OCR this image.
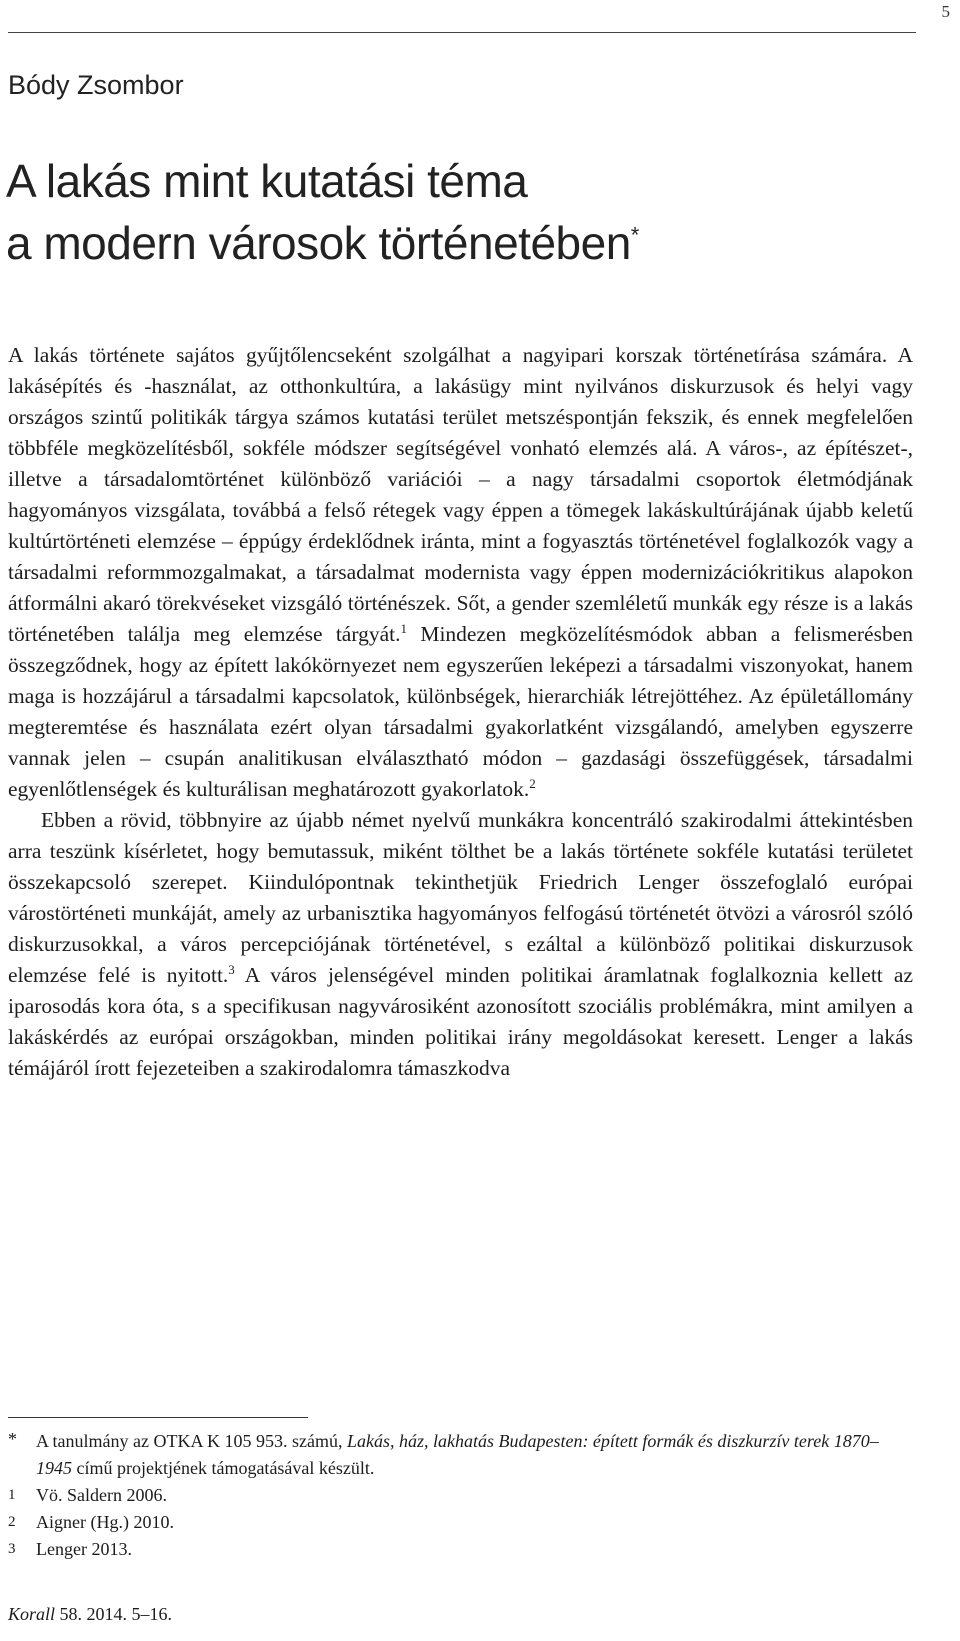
5
Bódy Zsombor
A lakás mint kutatási téma
a modern városok történetében*

A lakás története sajátos gyűjtőlencseként szolgálhat a nagyipari korszak történetírása számára. A lakásépítés és -használat, az otthonkultúra, a lakásügy mint nyilvános diskurzusok és helyi vagy országos szintű politikák tárgya számos kutatási terület metszéspontján fekszik, és ennek megfelelően többféle megközelítésből, sokféle módszer segítségével vonható elemzés alá. A város-, az építészet-, illetve a társadalomtörténet különböző variációi – a nagy társadalmi csoportok életmódjának hagyományos vizsgálata, továbbá a felső rétegek vagy éppen a tömegek lakáskultúrájának újabb keletű kultúrtörténeti elemzése – éppúgy érdeklődnek iránta, mint a fogyasztás történetével foglalkozók vagy a társadalmi reformmozgalmakat, a társadalmat modernista vagy éppen modernizációkritikus alapokon átformálni akaró törekvéseket vizsgáló történészek. Sőt, a gender szemléletű munkák egy része is a lakás történetében találja meg elemzése tárgyát.$^1$ Mindezen megközelítésmódok abban a felismerésben összegződnek, hogy az épített lakókörnyezet nem egyszerűen leképezi a társadalmi viszonyokat, hanem maga is hozzájárul a társadalmi kapcsolatok, különbségek, hierarchiák létrejöttéhez. Az épületállomány megteremtése és használata ezért olyan társadalmi gyakorlatként vizsgálandó, amelyben egyszerre vannak jelen – csupán analitikusan elválasztható módon – gazdasági összefüggések, társadalmi egyenlőtlenségek és kulturálisan meghatározott gyakorlatok.$^2$

Ebben a rövid, többnyire az újabb német nyelvű munkákra koncentráló szakirodalmi áttekintésben arra teszünk kísérletet, hogy bemutassuk, miként tölthet be a lakás története sokféle kutatási területet összekapcsoló szerepet. Kiindulópontnak tekinthetjük Friedrich Lenger összefoglaló európai várostörténeti munkáját, amely az urbanisztika hagyományos felfogású történetét ötvözi a városról szóló diskurzusokkal, a város percepciójának történetével, s ezáltal a különböző politikai diskurzusok elemzése felé is nyitott.$^3$ A város jelenségével minden politikai áramlatnak foglalkoznia kellett az iparosodás kora óta, s a specifikusan nagyvárosiként azonosított szociális problémákra, mint amilyen a lakáskérdés az európai országokban, minden politikai irány megoldásokat keresett. Lenger a lakás témájáról írott fejezeteiben a szakirodalomra támaszkodva

* A tanulmány az OTKA K 105 953. számú, Lakás, ház, lakhatás Budapesten: épített formák és diszkurzív terek 1870–1945 című projektjének támogatásával készült.
1 Vö. Saldern 2006.
2 Aigner (Hg.) 2010.
3 Lenger 2013.
Korall 58. 2014. 5–16.
